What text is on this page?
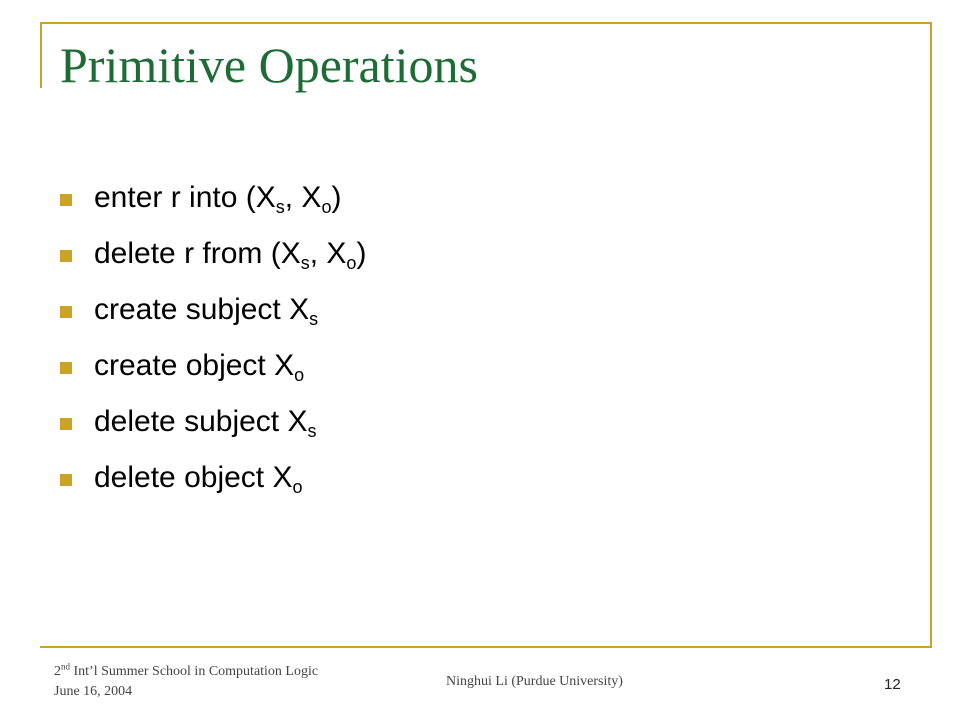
Primitive Operations
enter r into ($X_s$, $X_o$)
delete r from ($X_s$, $X_o$)
create subject $X_s$
create object $X_o$
delete subject $X_s$
delete object $X_o$
2nd Int’l Summer School in Computation Logic
June 16, 2004
Ninghui Li (Purdue University)	12
